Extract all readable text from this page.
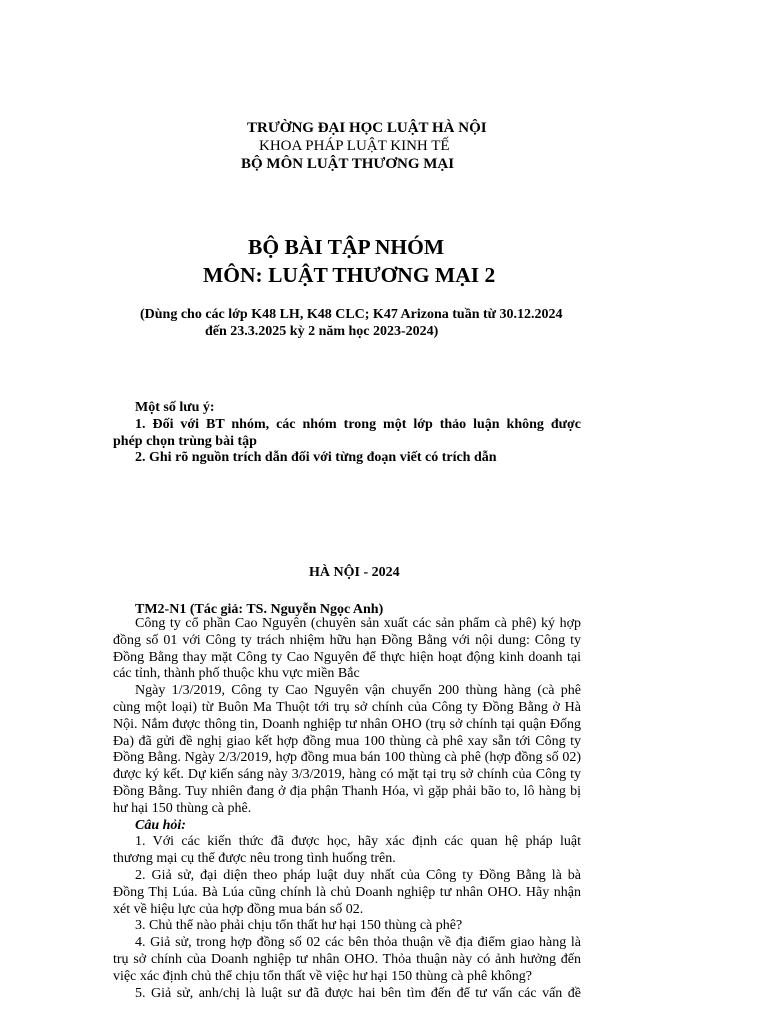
TRƯỜNG ĐẠI HỌC LUẬT HÀ NỘI
KHOA PHÁP LUẬT KINH TẾ
BỘ MÔN LUẬT THƯƠNG MẠI
BỘ BÀI TẬP NHÓM
MÔN: LUẬT THƯƠNG MẠI 2
(Dùng cho các lớp K48 LH, K48 CLC; K47 Arizona tuần từ 30.12.2024
đến 23.3.2025 kỳ 2 năm học 2023-2024)
Một số lưu ý:
1. Đối với BT nhóm, các nhóm trong một lớp thảo luận không được
phép chọn trùng bài tập
2. Ghi rõ nguồn trích dẫn đối với từng đoạn viết có trích dẫn
HÀ NỘI - 2024
TM2-N1 (Tác giả: TS. Nguyễn Ngọc Anh)
Công ty cổ phần Cao Nguyên (chuyên sản xuất các sản phẩm cà phê) ký hợp
đồng số 01 với Công ty trách nhiệm hữu hạn Đồng Bằng với nội dung: Công ty
Đồng Bằng thay mặt Công ty Cao Nguyên để thực hiện hoạt động kinh doanh tại
các tỉnh, thành phố thuộc khu vực miền Bắc
Ngày 1/3/2019, Công ty Cao Nguyên vận chuyển 200 thùng hàng (cà phê
cùng một loại) từ Buôn Ma Thuột tới trụ sở chính của Công ty Đồng Bằng ở Hà
Nội. Nắm được thông tin, Doanh nghiệp tư nhân OHO (trụ sở chính tại quận Đống
Đa) đã gửi đề nghị giao kết hợp đồng mua 100 thùng cà phê xay sẵn tới Công ty
Đồng Bằng. Ngày 2/3/2019, hợp đồng mua bán 100 thùng cà phê (hợp đồng số 02)
được ký kết. Dự kiến sáng này 3/3/2019, hàng có mặt tại trụ sở chính của Công ty
Đồng Bằng. Tuy nhiên đang ở địa phận Thanh Hóa, vì gặp phải bão to, lô hàng bị
hư hại 150 thùng cà phê.
Câu hỏi:
1. Với các kiến thức đã được học, hãy xác định các quan hệ pháp luật
thương mại cụ thể được nêu trong tình huống trên.
2. Giả sử, đại diện theo pháp luật duy nhất của Công ty Đồng Bằng là bà
Đồng Thị Lúa. Bà Lúa cũng chính là chủ Doanh nghiệp tư nhân OHO. Hãy nhận
xét về hiệu lực của hợp đồng mua bán số 02.
3. Chủ thể nào phải chịu tổn thất hư hại 150 thùng cà phê?
4. Giả sử, trong hợp đồng số 02 các bên thỏa thuận về địa điểm giao hàng là
trụ sở chính của Doanh nghiệp tư nhân OHO. Thỏa thuận này có ảnh hưởng đến
việc xác định chủ thể chịu tổn thất về việc hư hại 150 thùng cà phê không?
5. Giả sử, anh/chị là luật sư đã được hai bên tìm đến để tư vấn các vấn đề
